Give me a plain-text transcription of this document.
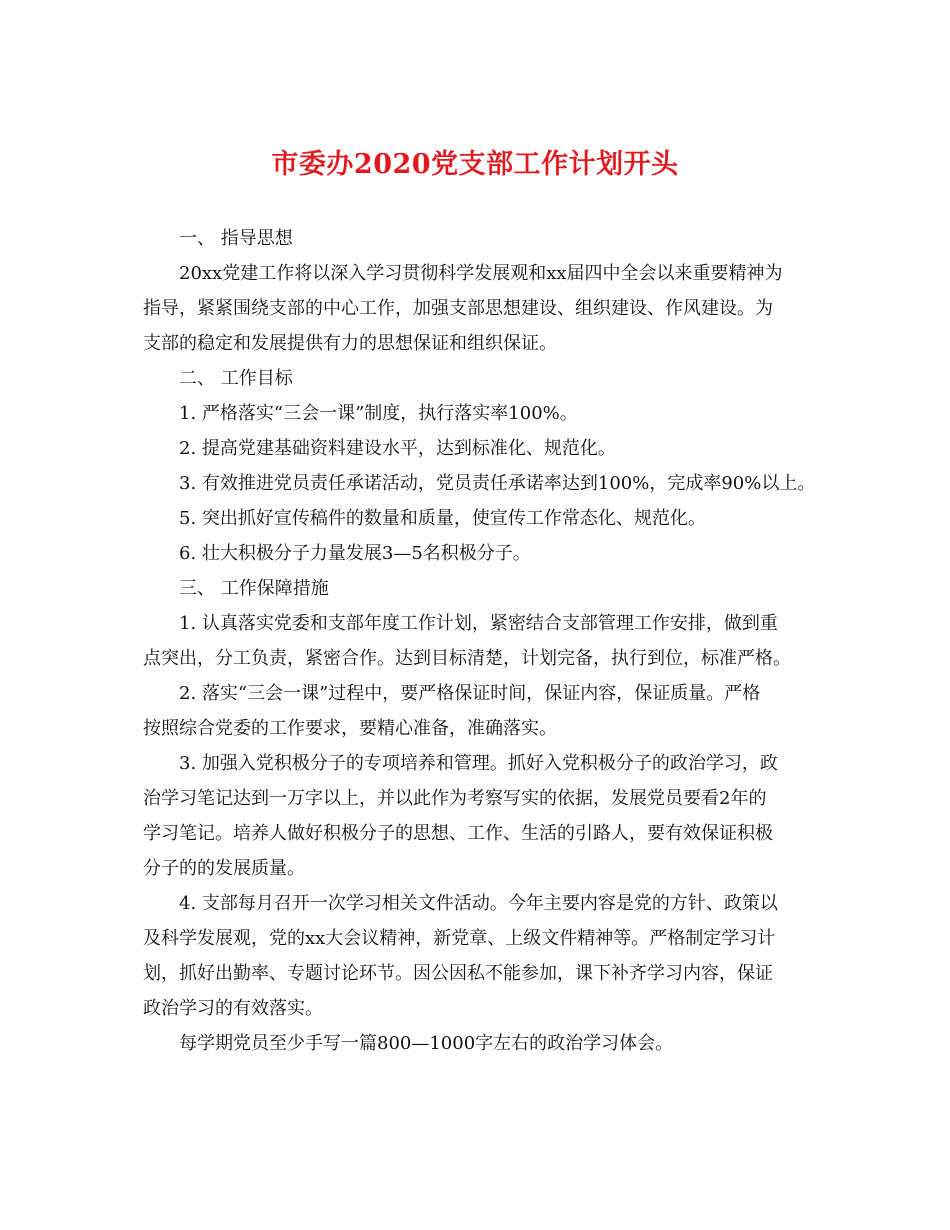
市委办2020党支部工作计划开头
一、 指导思想
20xx党建工作将以深入学习贯彻科学发展观和xx届四中全会以来重要精神为
指导，紧紧围绕支部的中心工作，加强支部思想建设、组织建设、作风建设。为
支部的稳定和发展提供有力的思想保证和组织保证。
二、 工作目标
1. 严格落实“三会一课”制度，执行落实率100%。
2. 提高党建基础资料建设水平，达到标准化、规范化。
3. 有效推进党员责任承诺活动，党员责任承诺率达到100%，完成率90%以上。
5. 突出抓好宣传稿件的数量和质量，使宣传工作常态化、规范化。
6. 壮大积极分子力量发展3—5名积极分子。
三、 工作保障措施
1. 认真落实党委和支部年度工作计划，紧密结合支部管理工作安排，做到重
点突出，分工负责，紧密合作。达到目标清楚，计划完备，执行到位，标准严格。
2. 落实“三会一课”过程中，要严格保证时间，保证内容，保证质量。严格
按照综合党委的工作要求，要精心准备，准确落实。
3. 加强入党积极分子的专项培养和管理。抓好入党积极分子的政治学习，政
治学习笔记达到一万字以上，并以此作为考察写实的依据，发展党员要看2年的
学习笔记。培养人做好积极分子的思想、工作、生活的引路人，要有效保证积极
分子的的发展质量。
4. 支部每月召开一次学习相关文件活动。今年主要内容是党的方针、政策以
及科学发展观，党的xx大会议精神，新党章、上级文件精神等。严格制定学习计
划，抓好出勤率、专题讨论环节。因公因私不能参加，课下补齐学习内容，保证
政治学习的有效落实。
每学期党员至少手写一篇800—1000字左右的政治学习体会。
